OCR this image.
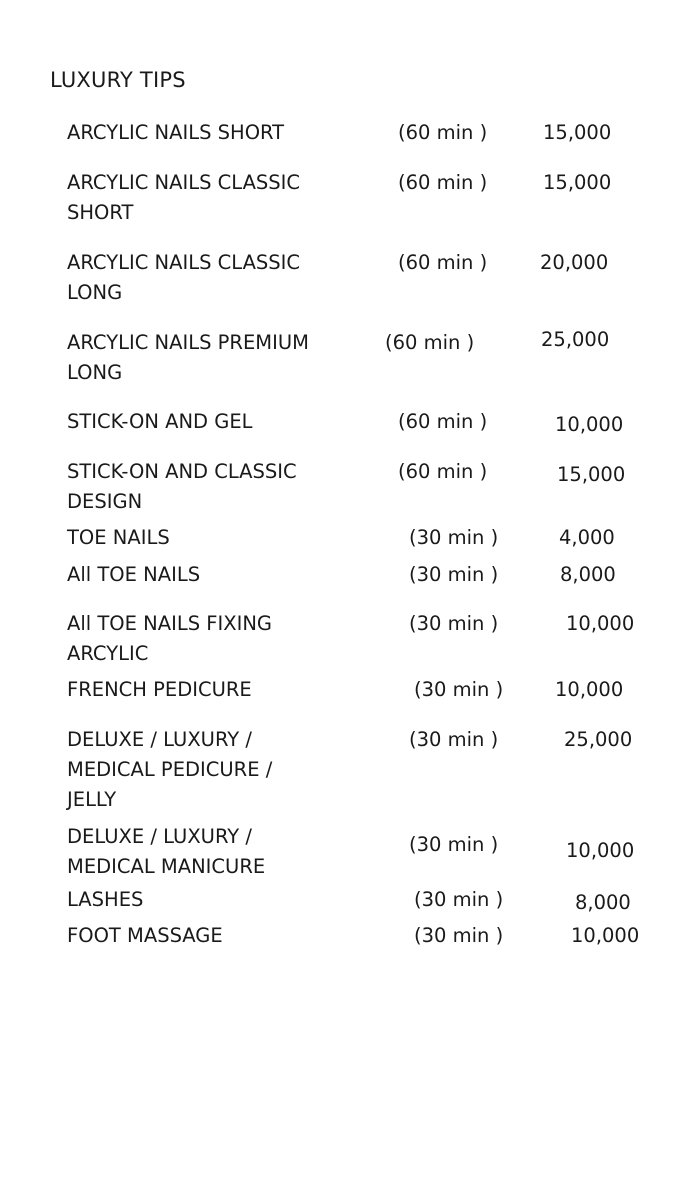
LUXURY TIPS
ARCYLIC NAILS SHORT	(60 min )	15,000
ARCYLIC NAILS CLASSIC
SHORT
(60 min )	15,000
ARCYLIC NAILS CLASSIC
LONG
(60 min )	20,000
ARCYLIC NAILS PREMIUM
LONG
(60 min )	25,000
STICK-ON AND GEL	(60 min )	10,000
STICK-ON AND CLASSIC
DESIGN
(60 min )	15,000
TOE NAILS	(30 min )	4,000
All TOE NAILS	(30 min )	8,000
All TOE NAILS FIXING
ARCYLIC
(30 min )	10,000
FRENCH PEDICURE	(30 min )	10,000
DELUXE / LUXURY /
MEDICAL PEDICURE /
JELLY
(30 min )	25,000
DELUXE / LUXURY /
MEDICAL MANICURE
(30 min )	10,000
LASHES	(30 min )	8,000
FOOT MASSAGE	(30 min )	10,000
